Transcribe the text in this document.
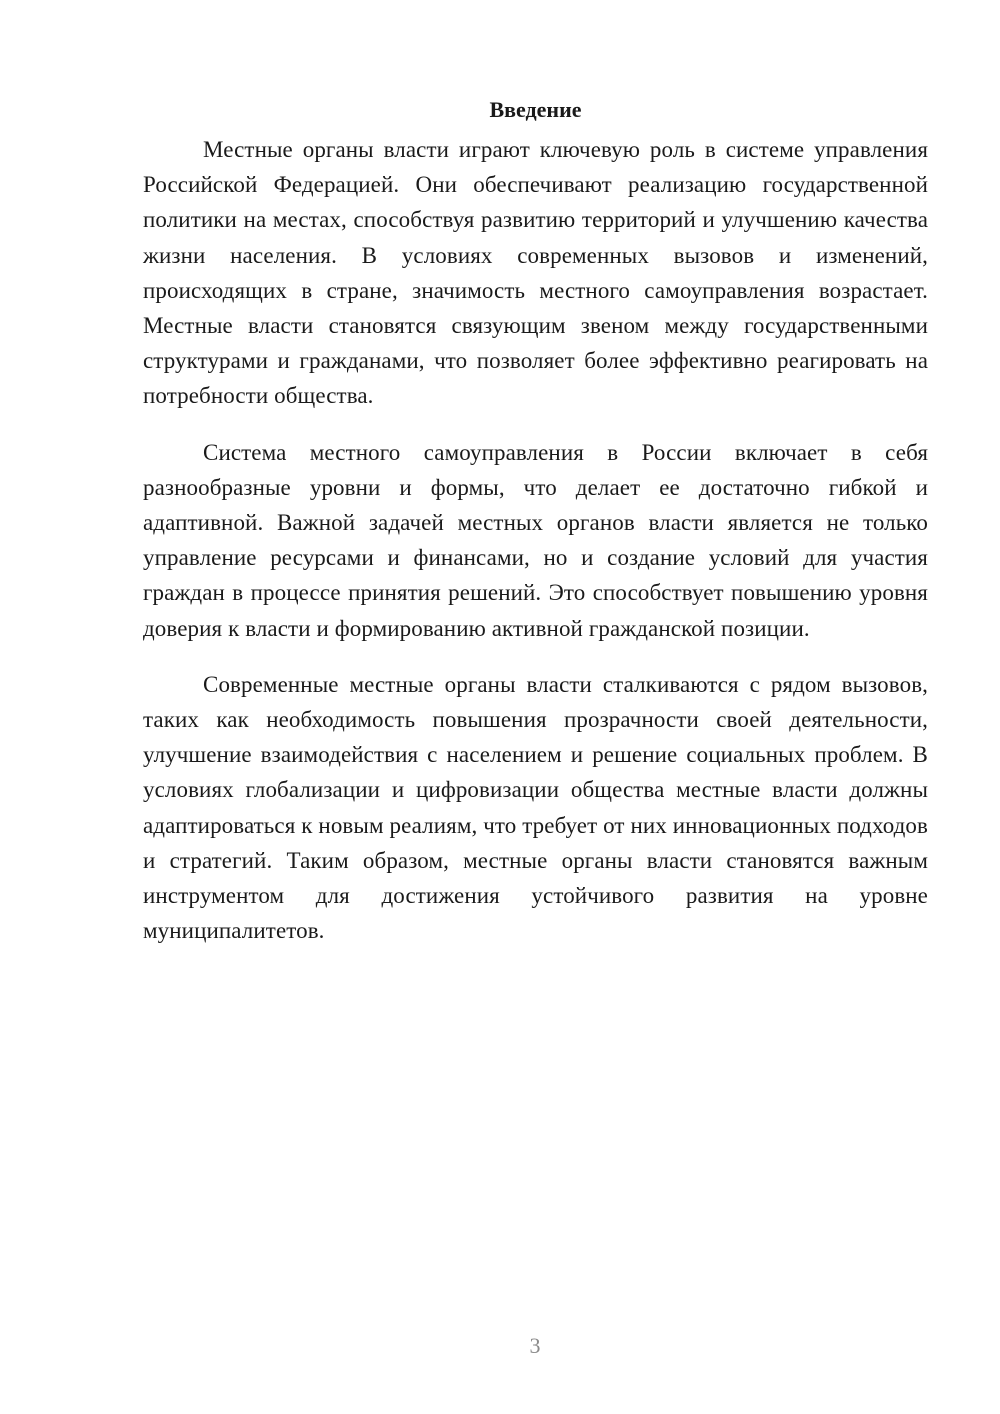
Введение

Местные органы власти играют ключевую роль в системе управления Российской Федерацией. Они обеспечивают реализацию государственной политики на местах, способствуя развитию территорий и улучшению качества жизни населения. В условиях современных вызовов и изменений, происходящих в стране, значимость местного самоуправления возрастает. Местные власти становятся связующим звеном между государственными структурами и гражданами, что позволяет более эффективно реагировать на потребности общества.

Система местного самоуправления в России включает в себя разнообразные уровни и формы, что делает ее достаточно гибкой и адаптивной. Важной задачей местных органов власти является не только управление ресурсами и финансами, но и создание условий для участия граждан в процессе принятия решений. Это способствует повышению уровня доверия к власти и формированию активной гражданской позиции.

Современные местные органы власти сталкиваются с рядом вызовов, таких как необходимость повышения прозрачности своей деятельности, улучшение взаимодействия с населением и решение социальных проблем. В условиях глобализации и цифровизации общества местные власти должны адаптироваться к новым реалиям, что требует от них инновационных подходов и стратегий. Таким образом, местные органы власти становятся важным инструментом для достижения устойчивого развития на уровне муниципалитетов.

3
